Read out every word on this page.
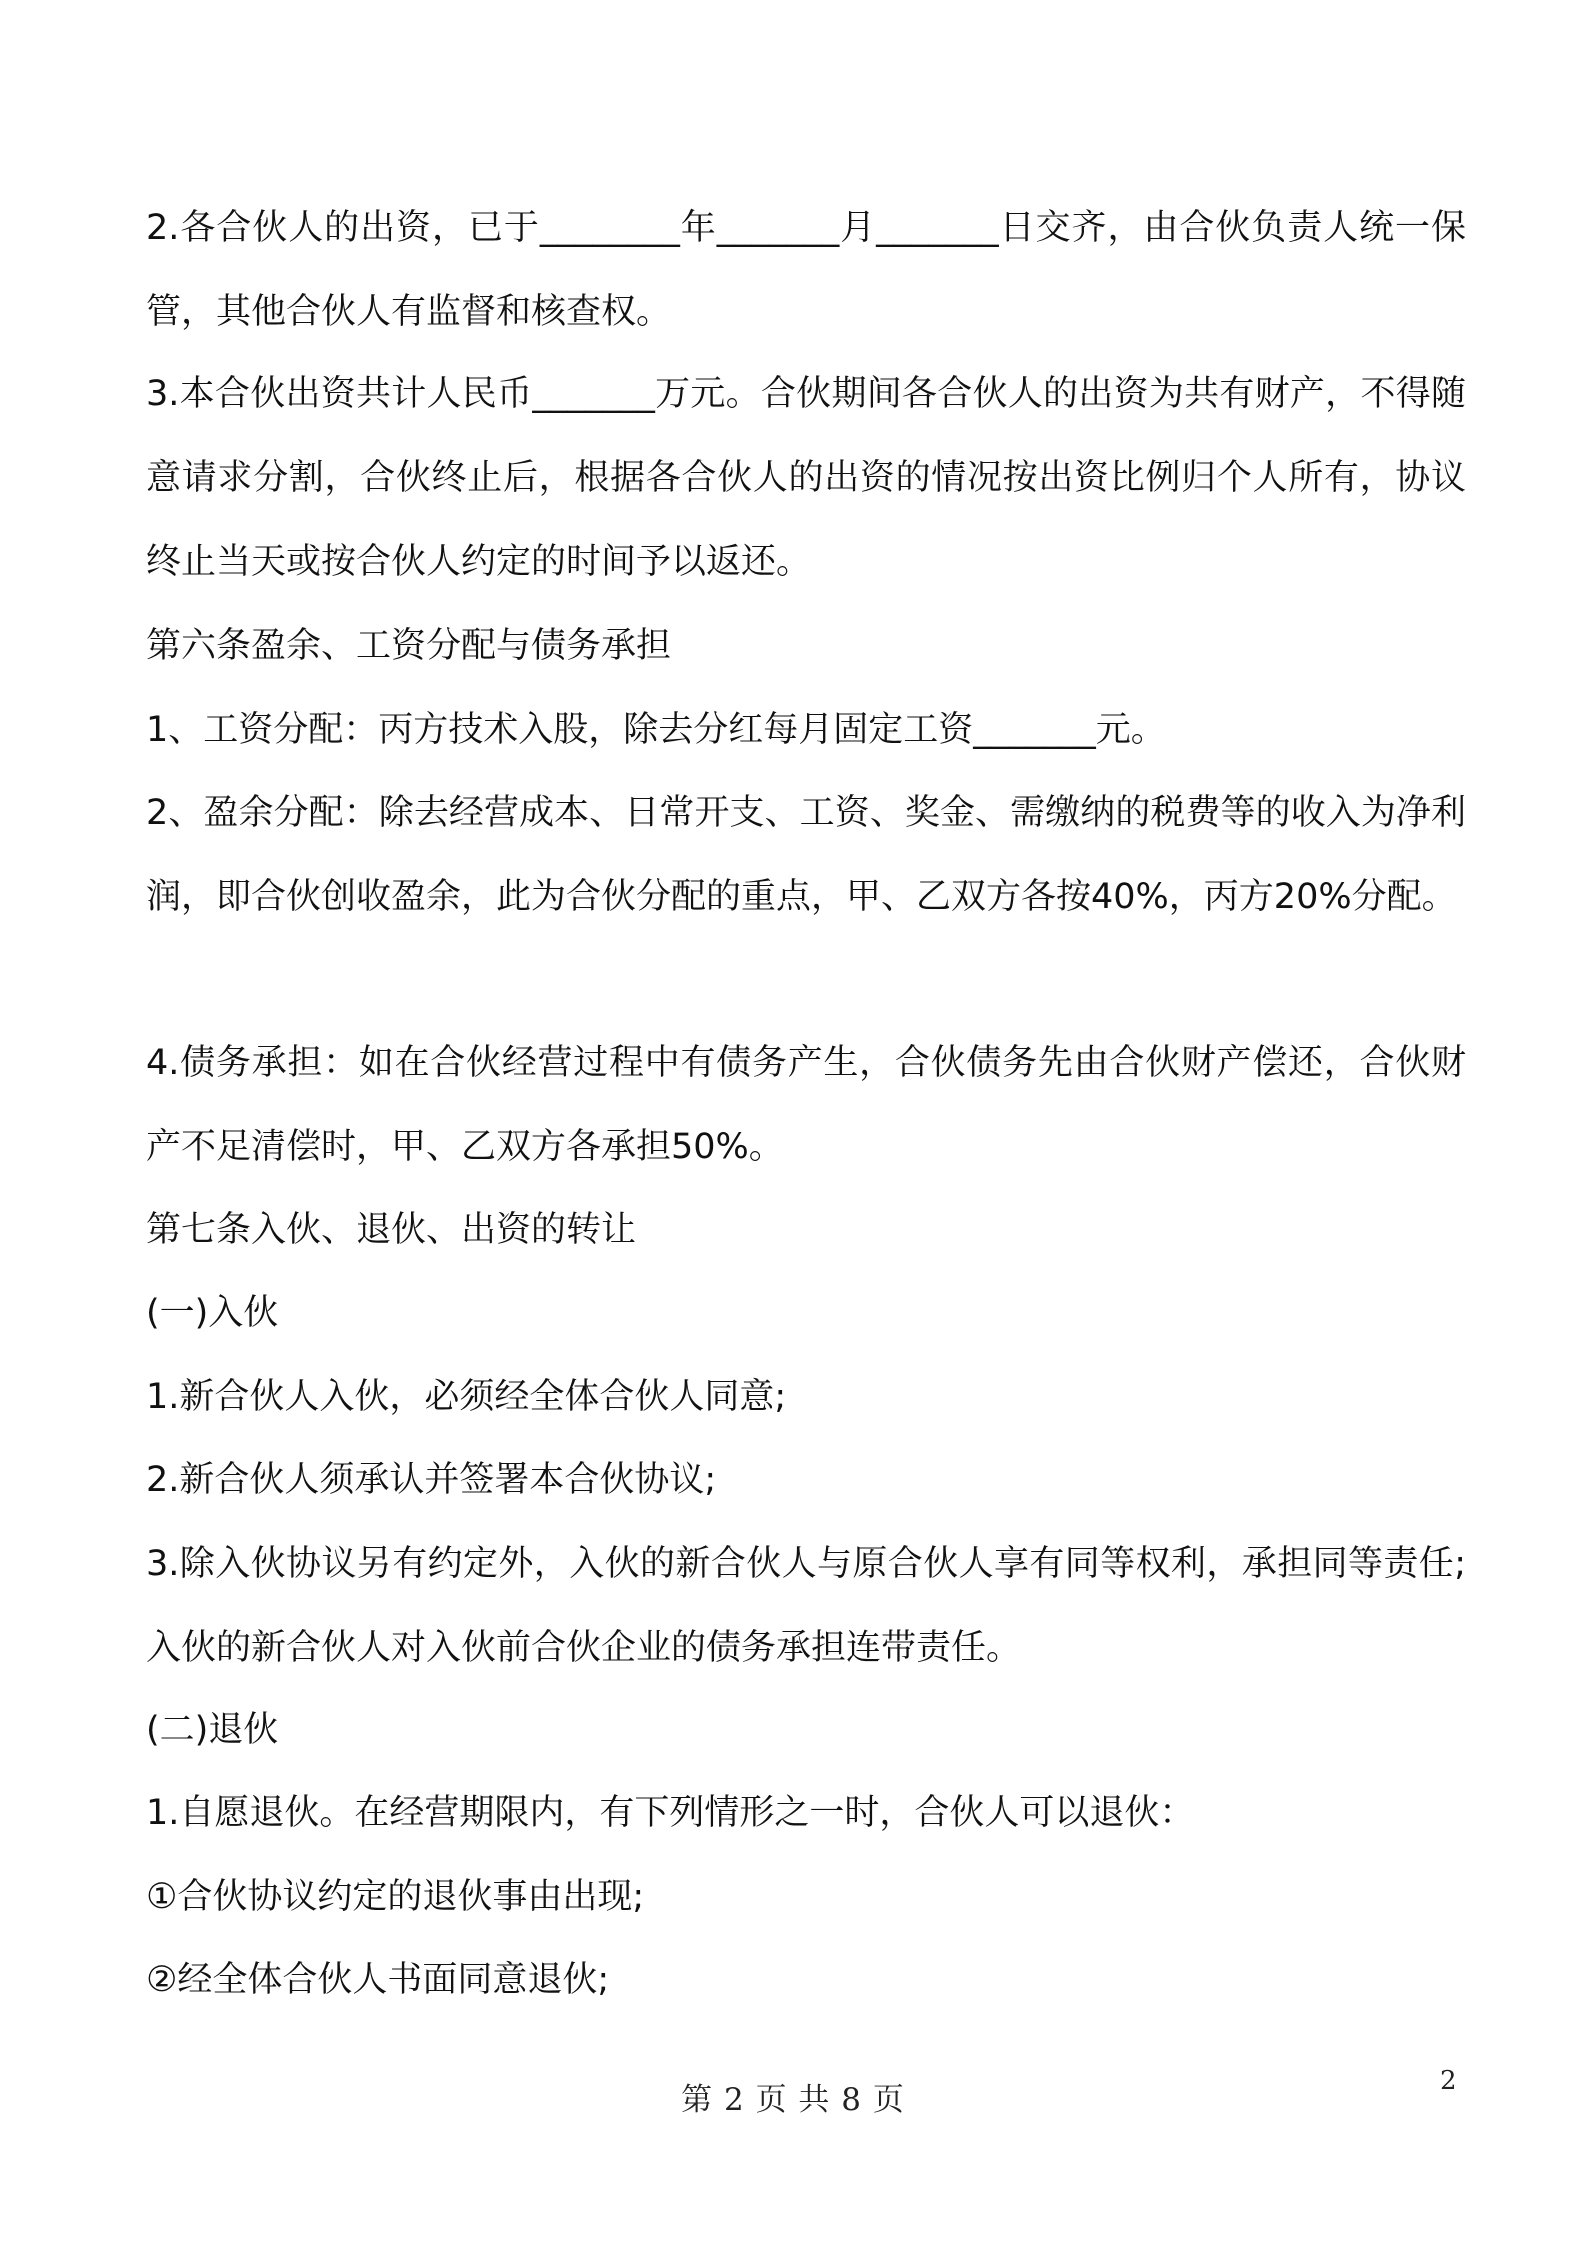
2.各合伙人的出资，已于________年_______月_______日交齐，由合伙负责人统一保管，其他合伙人有监督和核查权。

3.本合伙出资共计人民币_______万元。合伙期间各合伙人的出资为共有财产，不得随意请求分割，合伙终止后，根据各合伙人的出资的情况按出资比例归个人所有，协议终止当天或按合伙人约定的时间予以返还。

第六条盈余、工资分配与债务承担

1、工资分配：丙方技术入股，除去分红每月固定工资_______元。

2、盈余分配：除去经营成本、日常开支、工资、奖金、需缴纳的税费等的收入为净利润，即合伙创收盈余，此为合伙分配的重点，甲、乙双方各按40%，丙方20%分配。

4.债务承担：如在合伙经营过程中有债务产生，合伙债务先由合伙财产偿还，合伙财产不足清偿时，甲、乙双方各承担50%。

第七条入伙、退伙、出资的转让

(一)入伙

1.新合伙人入伙，必须经全体合伙人同意;

2.新合伙人须承认并签署本合伙协议;

3.除入伙协议另有约定外，入伙的新合伙人与原合伙人享有同等权利，承担同等责任;入伙的新合伙人对入伙前合伙企业的债务承担连带责任。

(二)退伙

1.自愿退伙。在经营期限内，有下列情形之一时，合伙人可以退伙：

①合伙协议约定的退伙事由出现;

②经全体合伙人书面同意退伙;

第 2 页 共 8 页

2
